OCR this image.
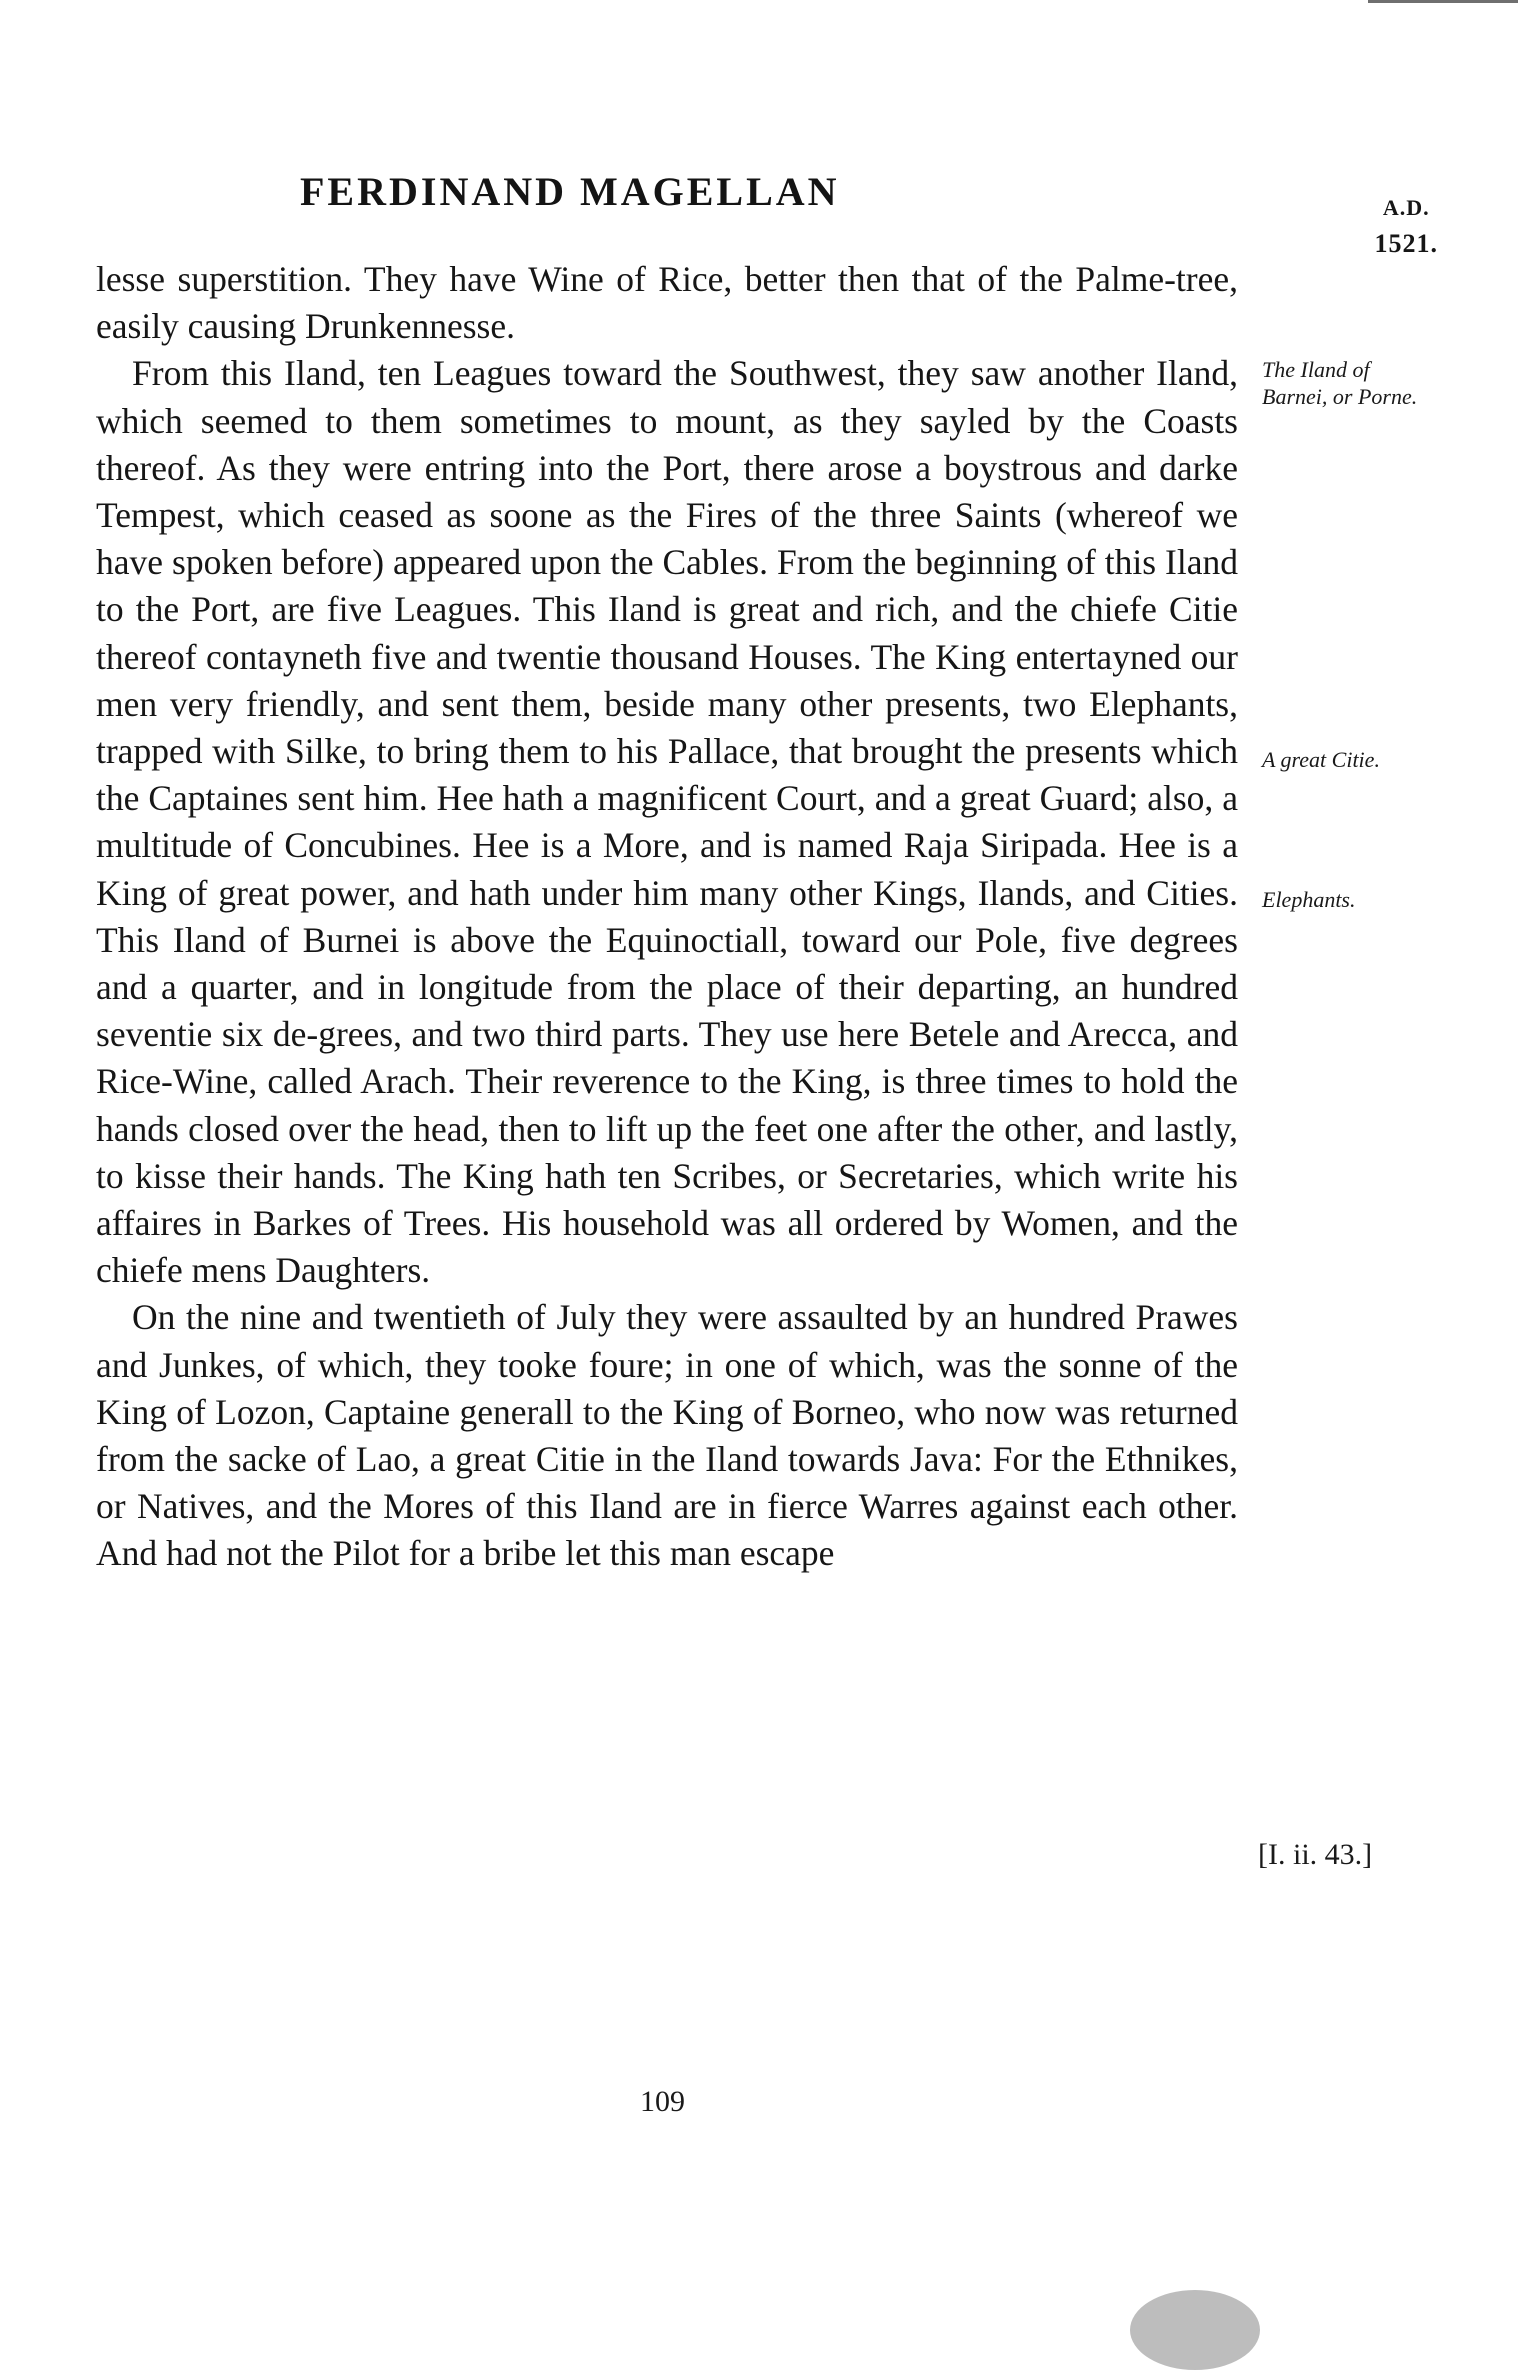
FERDINAND MAGELLAN	A.D.
1521.

lesse superstition. They have Wine of Rice, better then that of the Palme-tree, easily causing Drunkennesse.

From this Iland, ten Leagues toward the Southwest, they saw another Iland, which seemed to them sometimes to mount, as they sayled by the Coasts thereof. As they were entring into the Port, there arose a boystrous and darke Tempest, which ceased as soone as the Fires of the three Saints (whereof we have spoken before) appeared upon the Cables. From the beginning of this Iland to the Port, are five Leagues. This Iland is great and rich, and the chiefe Citie thereof contayneth five and twentie thousand Houses. The King entertayned our men very friendly, and sent them, beside many other presents, two Elephants, trapped with Silke, to bring them to his Pallace, that brought the presents which the Captaines sent him. Hee hath a magnificent Court, and a great Guard; also, a multitude of Concubines. Hee is a More, and is named Raja Siripada. Hee is a King of great power, and hath under him many other Kings, Ilands, and Cities. This Iland of Burnei is above the Equinoctiall, toward our Pole, five degrees and a quarter, and in longitude from the place of their departing, an hundred seventie six de-grees, and two third parts. They use here Betele and Arecca, and Rice-Wine, called Arach. Their reverence to the King, is three times to hold the hands closed over the head, then to lift up the feet one after the other, and lastly, to kisse their hands. The King hath ten Scribes, or Secretaries, which write his affaires in Barkes of Trees. His household was all ordered by Women, and the chiefe mens Daughters.

On the nine and twentieth of July they were assaulted by an hundred Prawes and Junkes, of which, they tooke foure; in one of which, was the sonne of the King of Lozon, Captaine generall to the King of Borneo, who now was returned from the sacke of Lao, a great Citie in the Iland towards Java: For the Ethnikes, or Natives, and the Mores of this Iland are in fierce Warres against each other. And had not the Pilot for a bribe let this man escape

The Iland of Barnei, or Porne.
A great Citie.
Elephants.
[I. ii. 43.]
109
